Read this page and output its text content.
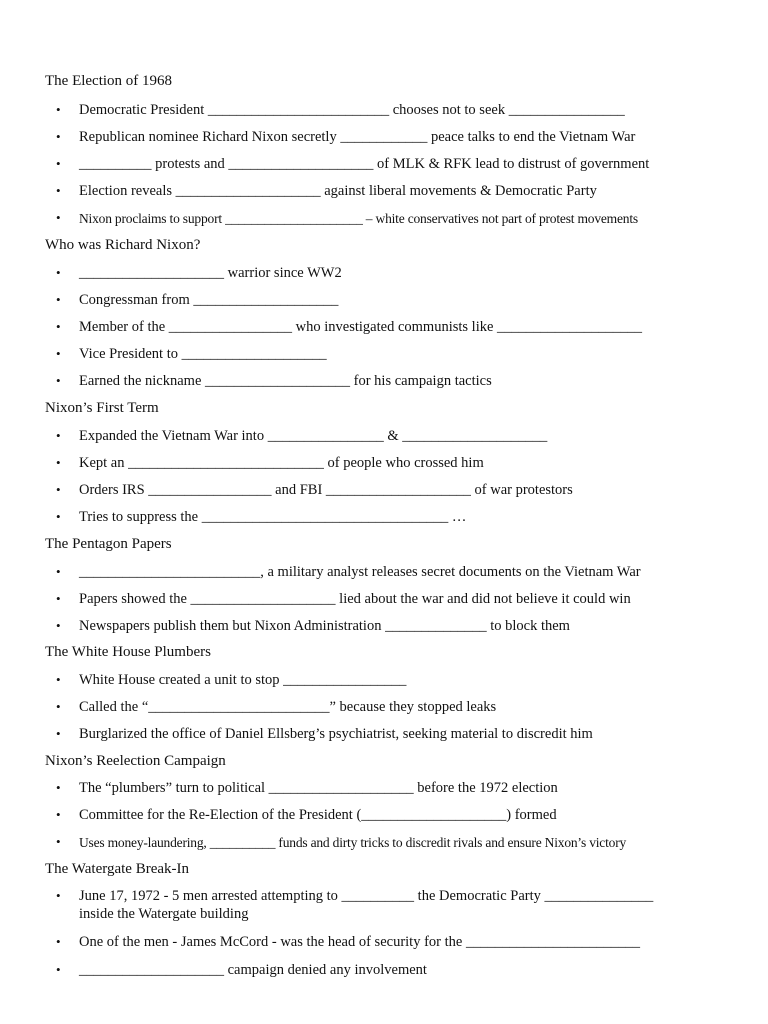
The Election of 1968
• Democratic President _________________________ chooses not to seek ________________
• Republican nominee Richard Nixon secretly ____________ peace talks to end the Vietnam War
• __________ protests and ____________________ of MLK & RFK lead to distrust of government
• Election reveals ____________________ against liberal movements & Democratic Party
• Nixon proclaims to support _____________________ – white conservatives not part of protest movements
Who was Richard Nixon?
• ____________________ warrior since WW2
• Congressman from ____________________
• Member of the _________________ who investigated communists like ____________________
• Vice President to ____________________
• Earned the nickname ____________________ for his campaign tactics
Nixon’s First Term
• Expanded the Vietnam War into ________________ & ____________________
• Kept an ___________________________ of people who crossed him
• Orders IRS _________________ and FBI ____________________ of war protestors
• Tries to suppress the __________________________________ …
The Pentagon Papers
• _________________________, a military analyst releases secret documents on the Vietnam War
• Papers showed the ____________________ lied about the war and did not believe it could win
• Newspapers publish them but Nixon Administration ______________ to block them
The White House Plumbers
• White House created a unit to stop _________________
• Called the “_________________________” because they stopped leaks
• Burglarized the office of Daniel Ellsberg’s psychiatrist, seeking material to discredit him
Nixon’s Reelection Campaign
• The “plumbers” turn to political ____________________ before the 1972 election
• Committee for the Re-Election of the President (____________________) formed
• Uses money-laundering, __________ funds and dirty tricks to discredit rivals and ensure Nixon’s victory
The Watergate Break-In
• June 17, 1972 - 5 men arrested attempting to __________ the Democratic Party _______________
inside the Watergate building
• One of the men - James McCord - was the head of security for the ________________________
• ____________________ campaign denied any involvement
